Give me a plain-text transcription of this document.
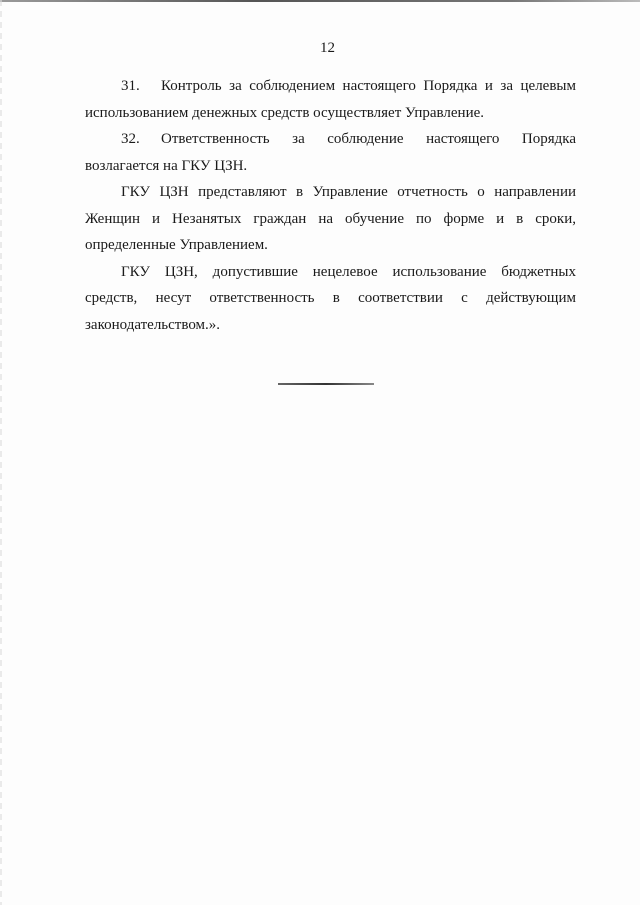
12

31. Контроль за соблюдением настоящего Порядка и за целевым использованием денежных средств осуществляет Управление.

32. Ответственность за соблюдение настоящего Порядка возлагается на ГКУ ЦЗН.

ГКУ ЦЗН представляют в Управление отчетность о направлении Женщин и Незанятых граждан на обучение по форме и в сроки, определенные Управлением.

ГКУ ЦЗН, допустившие нецелевое использование бюджетных средств, несут ответственность в соответствии с действующим законодательством.».
